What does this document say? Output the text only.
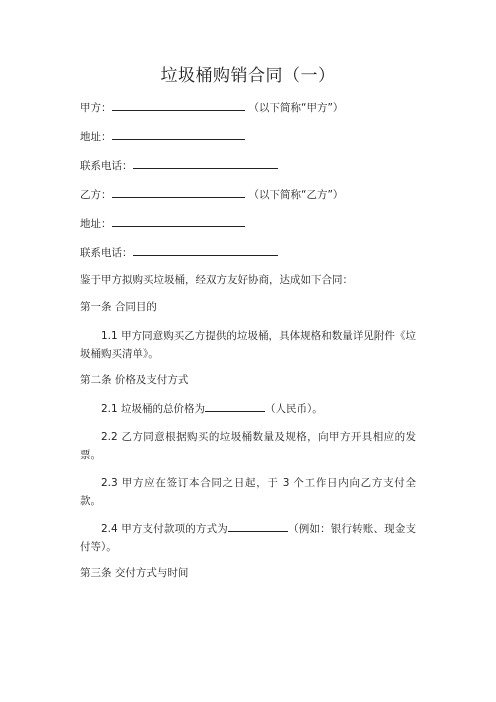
垃圾桶购销合同（一）
甲方：	（以下简称“甲方”）
地址：
联系电话：
乙方：	（以下简称“乙方”）
地址：
联系电话：
鉴于甲方拟购买垃圾桶，经双方友好协商，达成如下合同：
第一条 合同目的

1.1 甲方同意购买乙方提供的垃圾桶，具体规格和数量详见附件《垃圾桶购买清单》。

第二条 价格及支付方式

2.1 垃圾桶的总价格为	（人民币）。

2.2 乙方同意根据购买的垃圾桶数量及规格，向甲方开具相应的发票。

2.3 甲方应在签订本合同之日起，于 3 个工作日内向乙方支付全款。

2.4 甲方支付款项的方式为	（例如：银行转账、现金支付等）。

第三条 交付方式与时间
